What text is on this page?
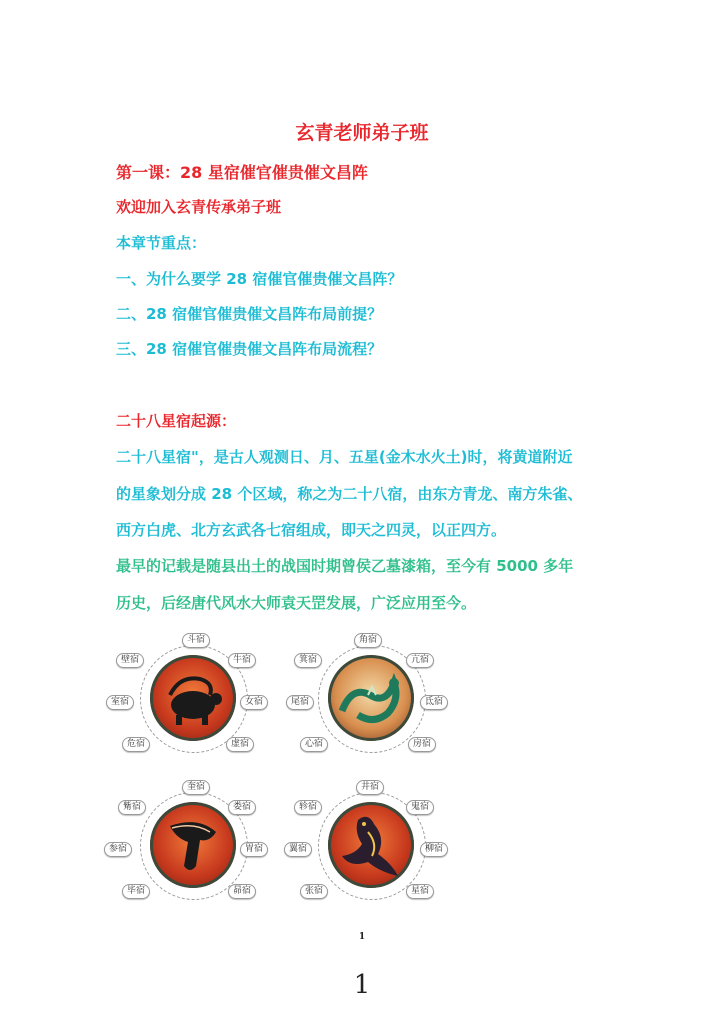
玄青老师弟子班
第一课：28 星宿催官催贵催文昌阵
欢迎加入玄青传承弟子班
本章节重点：
一、为什么要学 28 宿催官催贵催文昌阵？
二、28 宿催官催贵催文昌阵布局前提？
三、28 宿催官催贵催文昌阵布局流程？
二十八星宿起源：
二十八星宿"，是古人观测日、月、五星(金木水火土)时，将黄道附近
的星象划分成 28 个区域，称之为二十八宿，由东方青龙、南方朱雀、
西方白虎、北方玄武各七宿组成，即天之四灵，以正四方。
最早的记载是随县出土的战国时期曾侯乙墓漆箱，至今有 5000 多年
历史，后经唐代风水大师袁天罡发展，广泛应用至今。
斗宿
牛宿
女宿
虚宿
危宿
室宿
壁宿
角宿
亢宿
氐宿
房宿
心宿
尾宿
箕宿
奎宿
娄宿
胃宿
昴宿
毕宿
参宿
觜宿
井宿
鬼宿
柳宿
星宿
张宿
翼宿
轸宿
1
1
